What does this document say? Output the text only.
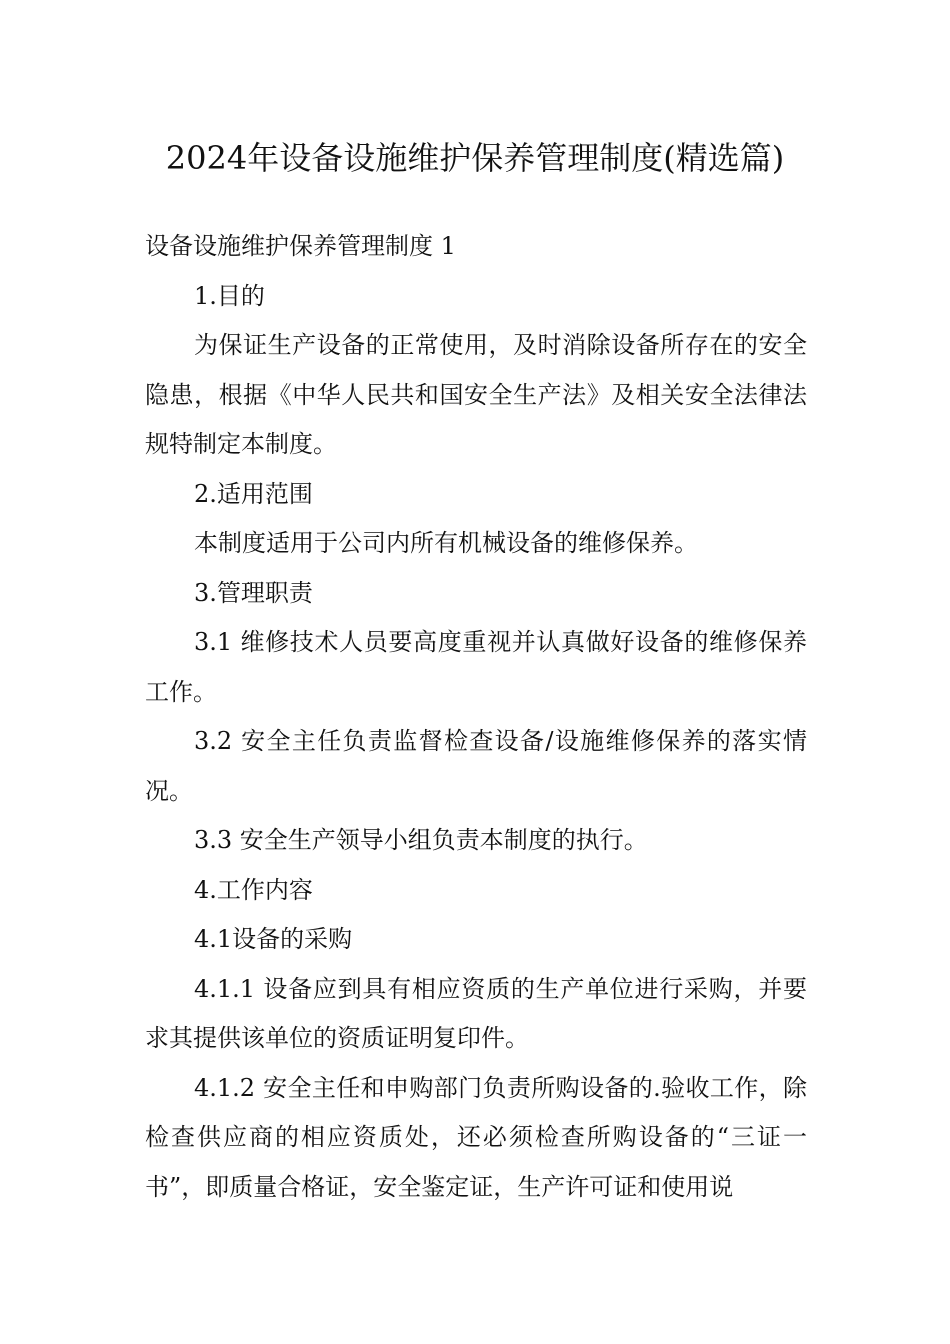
2024年设备设施维护保养管理制度(精选篇)

设备设施维护保养管理制度 1

1.目的

为保证生产设备的正常使用，及时消除设备所存在的安全隐患，根据《中华人民共和国安全生产法》及相关安全法律法规特制定本制度。

2.适用范围

本制度适用于公司内所有机械设备的维修保养。

3.管理职责

3.1 维修技术人员要高度重视并认真做好设备的维修保养工作。

3.2 安全主任负责监督检查设备/设施维修保养的落实情况。

3.3 安全生产领导小组负责本制度的执行。

4.工作内容

4.1设备的采购

4.1.1 设备应到具有相应资质的生产单位进行采购，并要求其提供该单位的资质证明复印件。

4.1.2 安全主任和申购部门负责所购设备的.验收工作，除检查供应商的相应资质处，还必须检查所购设备的“三证一书”，即质量合格证，安全鉴定证，生产许可证和使用说
